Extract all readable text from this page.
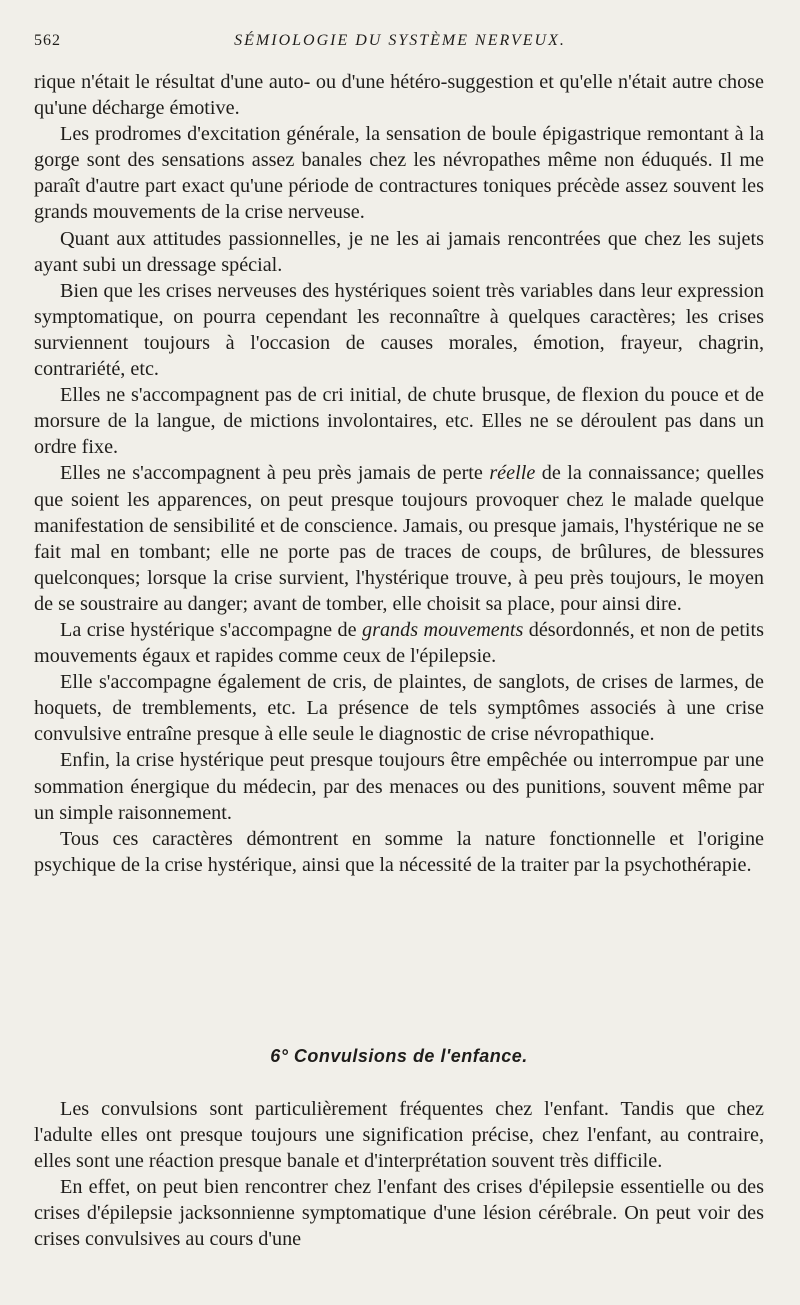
562	SÉMIOLOGIE DU SYSTÈME NERVEUX.

rique n'était le résultat d'une auto- ou d'une hétéro-suggestion et qu'elle n'était autre chose qu'une décharge émotive.

Les prodromes d'excitation générale, la sensation de boule épigastrique remontant à la gorge sont des sensations assez banales chez les névropathes même non éduqués. Il me paraît d'autre part exact qu'une période de contractures toniques précède assez souvent les grands mouvements de la crise nerveuse.

Quant aux attitudes passionnelles, je ne les ai jamais rencontrées que chez les sujets ayant subi un dressage spécial.

Bien que les crises nerveuses des hystériques soient très variables dans leur expression symptomatique, on pourra cependant les reconnaître à quelques caractères; les crises surviennent toujours à l'occasion de causes morales, émotion, frayeur, chagrin, contrariété, etc.

Elles ne s'accompagnent pas de cri initial, de chute brusque, de flexion du pouce et de morsure de la langue, de mictions involontaires, etc. Elles ne se déroulent pas dans un ordre fixe.

Elles ne s'accompagnent à peu près jamais de perte réelle de la connaissance; quelles que soient les apparences, on peut presque toujours provoquer chez le malade quelque manifestation de sensibilité et de conscience. Jamais, ou presque jamais, l'hystérique ne se fait mal en tombant; elle ne porte pas de traces de coups, de brûlures, de blessures quelconques; lorsque la crise survient, l'hystérique trouve, à peu près toujours, le moyen de se soustraire au danger; avant de tomber, elle choisit sa place, pour ainsi dire.

La crise hystérique s'accompagne de grands mouvements désordonnés, et non de petits mouvements égaux et rapides comme ceux de l'épilepsie.

Elle s'accompagne également de cris, de plaintes, de sanglots, de crises de larmes, de hoquets, de tremblements, etc. La présence de tels symptômes associés à une crise convulsive entraîne presque à elle seule le diagnostic de crise névropathique.

Enfin, la crise hystérique peut presque toujours être empêchée ou interrompue par une sommation énergique du médecin, par des menaces ou des punitions, souvent même par un simple raisonnement.

Tous ces caractères démontrent en somme la nature fonctionnelle et l'origine psychique de la crise hystérique, ainsi que la nécessité de la traiter par la psychothérapie.

6° Convulsions de l'enfance.

Les convulsions sont particulièrement fréquentes chez l'enfant. Tandis que chez l'adulte elles ont presque toujours une signification précise, chez l'enfant, au contraire, elles sont une réaction presque banale et d'interprétation souvent très difficile.

En effet, on peut bien rencontrer chez l'enfant des crises d'épilepsie essentielle ou des crises d'épilepsie jacksonnienne symptomatique d'une lésion cérébrale. On peut voir des crises convulsives au cours d'une
